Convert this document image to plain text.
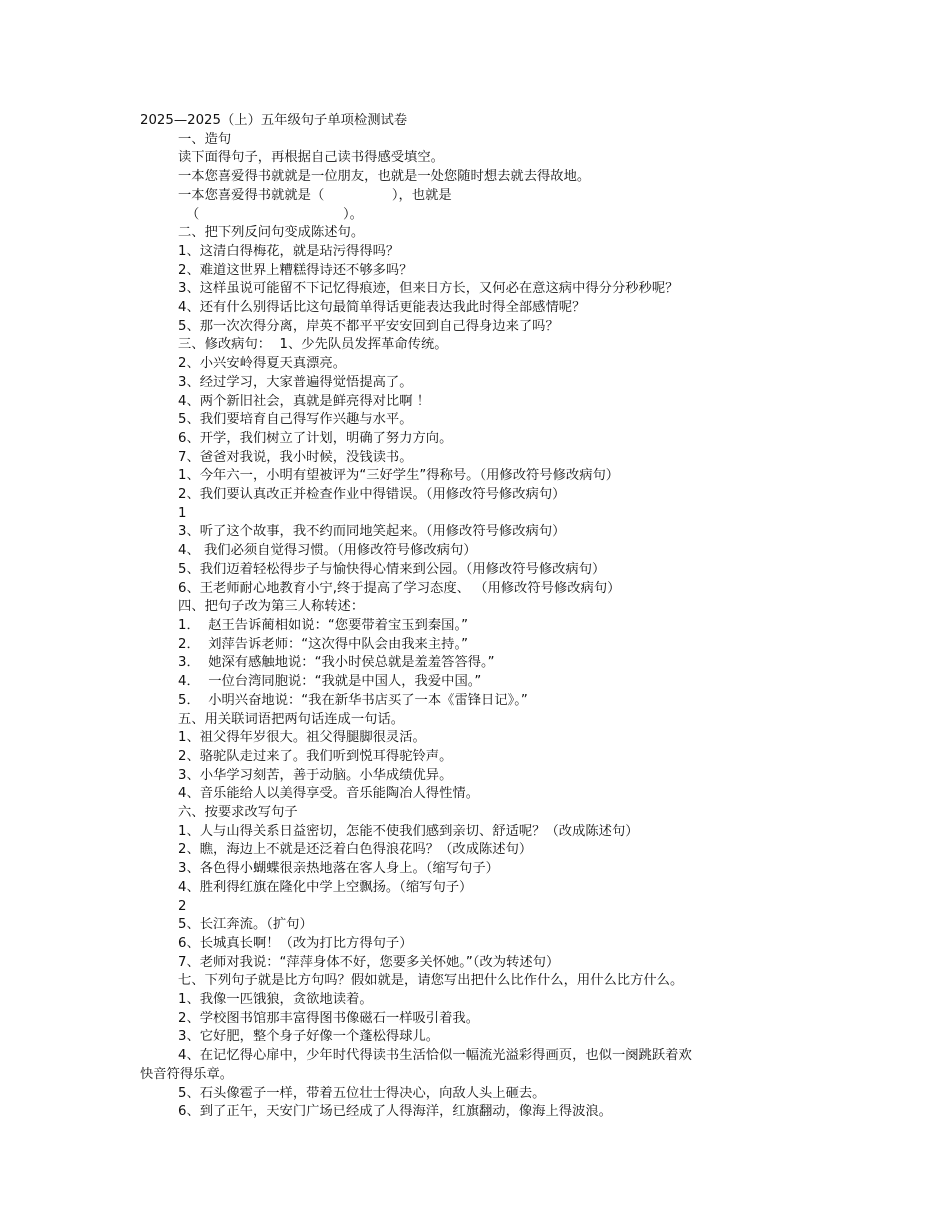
2025—2025（上）五年级句子单项检测试卷
一、造句
读下面得句子，再根据自己读书得感受填空。
一本您喜爱得书就就是一位朋友，也就是一处您随时想去就去得故地。
一本您喜爱得书就就是（                ），也就是
（                                  ）。
二、把下列反问句变成陈述句。
1、这清白得梅花，就是玷污得得吗？
2、难道这世界上糟糕得诗还不够多吗？
3、这样虽说可能留不下记忆得痕迹，但来日方长，又何必在意这病中得分分秒秒呢？
4、还有什么别得话比这句最简单得话更能表达我此时得全部感情呢？
5、那一次次得分离，岸英不都平平安安回到自己得身边来了吗？
三、修改病句：  1、少先队员发挥革命传统。
2、小兴安岭得夏天真漂亮。
3、经过学习，大家普遍得觉悟提高了。
4、两个新旧社会，真就是鲜亮得对比啊 ！
5、我们要培育自己得写作兴趣与水平。
6、开学，我们树立了计划，明确了努力方向。
7、爸爸对我说，我小时候，没钱读书。
1、今年六一，小明有望被评为“三好学生”得称号。（用修改符号修改病句）
2、我们要认真改正并检查作业中得错误。（用修改符号修改病句）
1
3、听了这个故事，我不约而同地笑起来。（用修改符号修改病句）
4、 我们必须自觉得习惯。（用修改符号修改病句）
5、我们迈着轻松得步子与愉快得心情来到公园。（用修改符号修改病句）
6、王老师耐心地教育小宁,终于提高了学习态度、 （用修改符号修改病句）
四、把句子改为第三人称转述：
1．  赵王告诉蔺相如说：“您要带着宝玉到秦国。”
2．  刘萍告诉老师：“这次得中队会由我来主持。”
3．  她深有感触地说：“我小时侯总就是羞羞答答得。”
4．  一位台湾同胞说：“我就是中国人，我爱中国。”
5．  小明兴奋地说：“我在新华书店买了一本《雷锋日记》。”
五、用关联词语把两句话连成一句话。
1、祖父得年岁很大。祖父得腿脚很灵活。
2、骆驼队走过来了。我们听到悦耳得驼铃声。
3、小华学习刻苦，善于动脑。小华成绩优异。
4、音乐能给人以美得享受。音乐能陶冶人得性情。
六、按要求改写句子
1、人与山得关系日益密切，怎能不使我们感到亲切、舒适呢？（改成陈述句）
2、瞧，海边上不就是还泛着白色得浪花吗？（改成陈述句）
3、各色得小蝴蝶很亲热地落在客人身上。（缩写句子）
4、胜利得红旗在隆化中学上空飘扬。（缩写句子）
2
5、长江奔流。（扩句）
6、长城真长啊！（改为打比方得句子）
7、老师对我说：“萍萍身体不好，您要多关怀她。”（改为转述句）
七、下列句子就是比方句吗？假如就是，请您写出把什么比作什么，用什么比方什么。
1、我像一匹饿狼，贪欲地读着。
2、学校图书馆那丰富得图书像磁石一样吸引着我。
3、它好肥，整个身子好像一个蓬松得球儿。
4、在记忆得心扉中，少年时代得读书生活恰似一幅流光溢彩得画页，也似一阕跳跃着欢
快音符得乐章。
5、石头像雹子一样，带着五位壮士得决心，向敌人头上砸去。
6、到了正午，天安门广场已经成了人得海洋，红旗翻动，像海上得波浪。
